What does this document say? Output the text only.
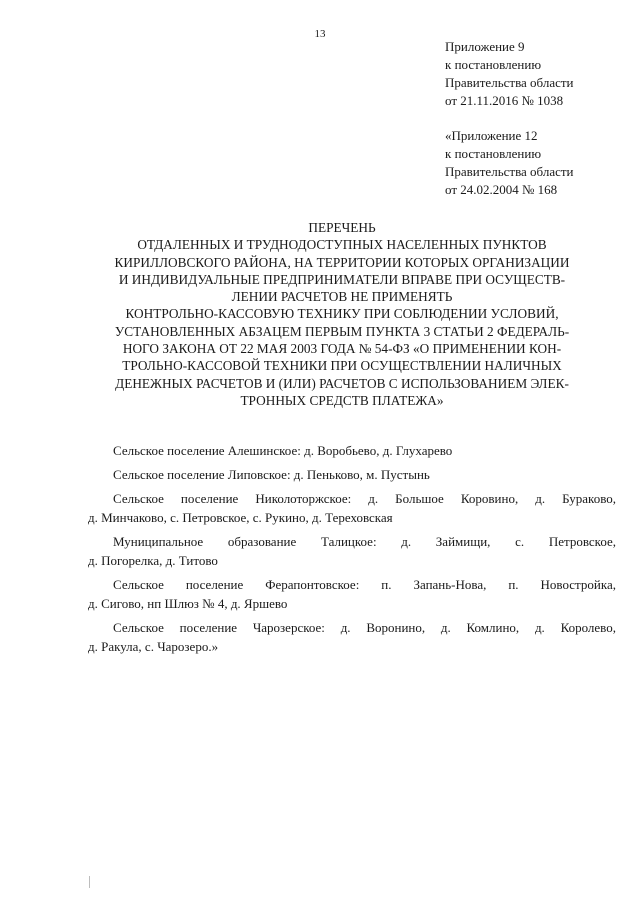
13
Приложение 9
к постановлению
Правительства области
от 21.11.2016 № 1038
«Приложение 12
к постановлению
Правительства области
от 24.02.2004 № 168
ПЕРЕЧЕНЬ
ОТДАЛЕННЫХ И ТРУДНОДОСТУПНЫХ НАСЕЛЕННЫХ ПУНКТОВ
КИРИЛЛОВСКОГО РАЙОНА, НА ТЕРРИТОРИИ КОТОРЫХ ОРГАНИЗАЦИИ
И ИНДИВИДУАЛЬНЫЕ ПРЕДПРИНИМАТЕЛИ ВПРАВЕ ПРИ ОСУЩЕСТВ-
ЛЕНИИ РАСЧЕТОВ НЕ ПРИМЕНЯТЬ
КОНТРОЛЬНО-КАССОВУЮ ТЕХНИКУ ПРИ СОБЛЮДЕНИИ УСЛОВИЙ,
УСТАНОВЛЕННЫХ АБЗАЦЕМ ПЕРВЫМ ПУНКТА 3 СТАТЬИ 2 ФЕДЕРАЛЬ-
НОГО ЗАКОНА ОТ 22 МАЯ 2003 ГОДА № 54-ФЗ «О ПРИМЕНЕНИИ КОН-
ТРОЛЬНО-КАССОВОЙ ТЕХНИКИ ПРИ ОСУЩЕСТВЛЕНИИ НАЛИЧНЫХ
ДЕНЕЖНЫХ РАСЧЕТОВ И (ИЛИ) РАСЧЕТОВ С ИСПОЛЬЗОВАНИЕМ ЭЛЕК-
ТРОННЫХ СРЕДСТВ ПЛАТЕЖА»
Сельское поселение Алешинское: д. Воробьево, д. Глухарево
Сельское поселение Липовское: д. Пеньково, м. Пустынь
Сельское поселение Николоторжское: д. Большое Коровино, д. Бураково,
д. Минчаково, с. Петровское, с. Рукино, д. Тереховская
Муниципальное образование Талицкое: д. Займищи, с. Петровское,
д. Погорелка, д. Титово
Сельское поселение Ферапонтовское: п. Запань-Нова, п. Новостройка,
д. Сигово, нп Шлюз № 4, д. Яршево
Сельское поселение Чарозерское: д. Воронино, д. Комлино, д. Королево,
д. Ракула, с. Чарозеро.»
